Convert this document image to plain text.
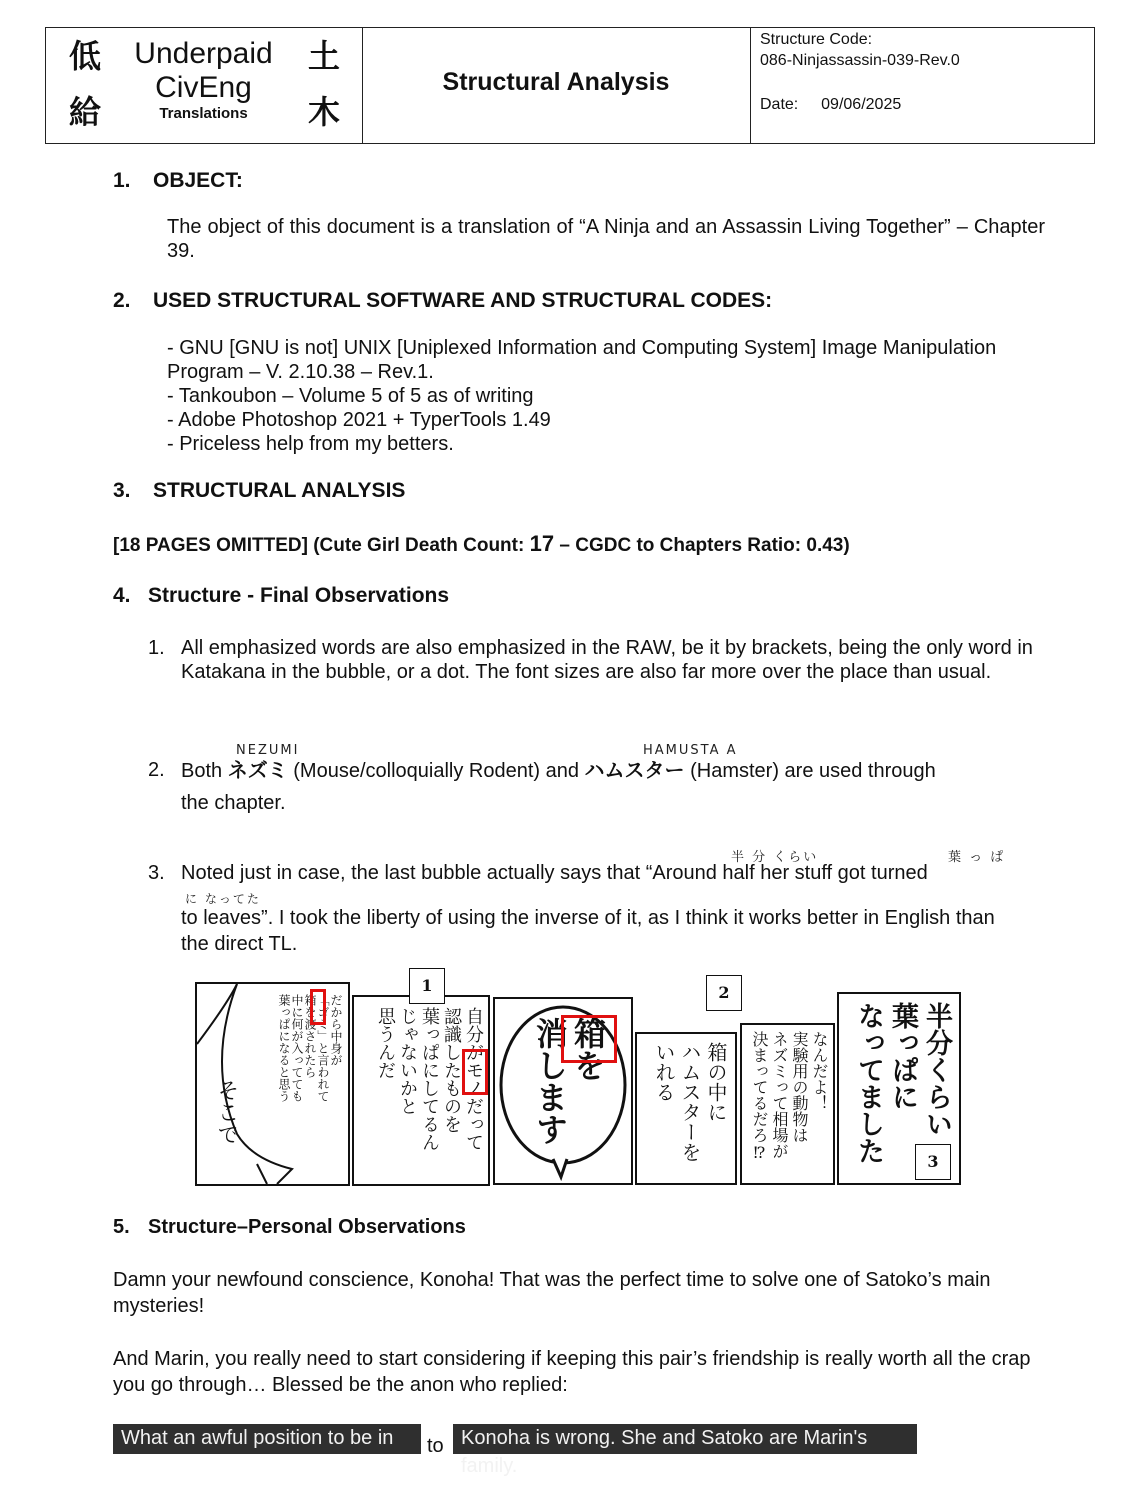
低
給
土
木
Underpaid
CivEng
Translations
Structural Analysis
Structure Code:
086-Ninjassassin-039-Rev.0
Date: 09/06/2025
1. OBJECT:
The object of this document is a translation of “A Ninja and an Assassin Living Together” – Chapter 39.
2. USED STRUCTURAL SOFTWARE AND STRUCTURAL CODES:
- GNU [GNU is not] UNIX [Uniplexed Information and Computing System] Image Manipulation Program – V. 2.10.38 – Rev.1.
- Tankoubon – Volume 5 of 5 as of writing
- Adobe Photoshop 2021 + TyperTools 1.49
- Priceless help from my betters.
3. STRUCTURAL ANALYSIS
[18 PAGES OMITTED] (Cute Girl Death Count: 17 – CGDC to Chapters Ratio: 0.43)
4. Structure - Final Observations
1. All emphasized words are also emphasized in the RAW, be it by brackets, being the only word in Katakana in the bubble, or a dot. The font sizes are also far more over the place than usual.
NEZUMI	HAMUSTA A
2. Both ネズミ (Mouse/colloquially Rodent) and ハムスター (Hamster) are used through
the chapter.
半 分 くらい	葉 っ ぱ
3. Noted just in case, the last bubble actually says that “Around half her stuff got turned
に なってた
to leaves”. I took the liberty of using the inverse of it, as I think it works better in English than the direct TL.
だから中身が
「ゴミ」と言われて
箱を渡されたら
中に何が入ってても
葉っぱになると思う
そこで	自分がモノだって
認識したものを
葉っぱにしてるん
じゃないかと
思うんだ
1
箱を
消します	箱の中に
ハムスターを
いれる
2
なんだよ！
実験用の動物は
ネズミって相場が
決まってるだろ⁉	半分くらい
葉っぱに
なってました	3
5. Structure–Personal Observations
Damn your newfound conscience, Konoha! That was the perfect time to solve one of Satoko’s main mysteries!
And Marin, you really need to start considering if keeping this pair’s friendship is really worth all the crap you go through… Blessed be the anon who replied:
What an awful position to be in	to Konoha is wrong. She and Satoko are Marin's family.
